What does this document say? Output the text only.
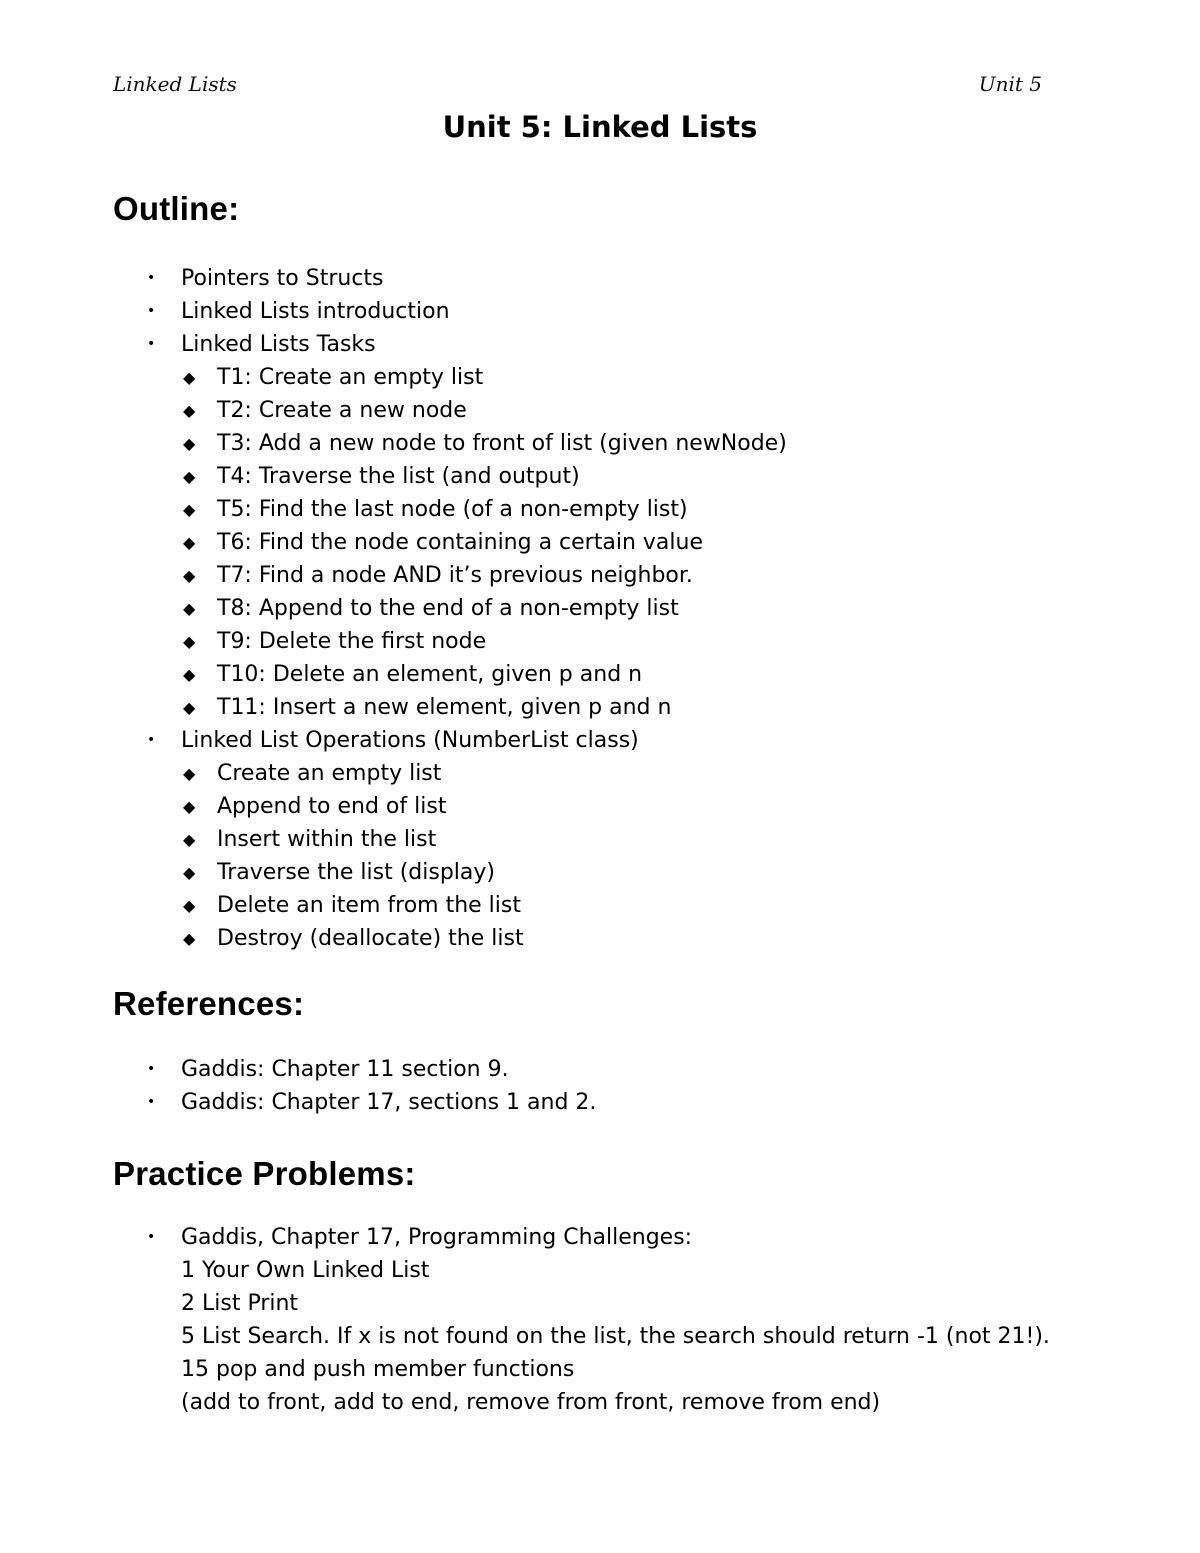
Linked Lists	Unit 5
Unit 5: Linked Lists
Outline:
• Pointers to Structs
• Linked Lists introduction
• Linked Lists Tasks
◆ T1: Create an empty list
◆ T2: Create a new node
◆ T3: Add a new node to front of list (given newNode)
◆ T4: Traverse the list (and output)
◆ T5: Find the last node (of a non-empty list)
◆ T6: Find the node containing a certain value
◆ T7: Find a node AND it’s previous neighbor.
◆ T8: Append to the end of a non-empty list
◆ T9: Delete the first node
◆ T10: Delete an element, given p and n
◆ T11: Insert a new element, given p and n
• Linked List Operations (NumberList class)
◆ Create an empty list
◆ Append to end of list
◆ Insert within the list
◆ Traverse the list (display)
◆ Delete an item from the list
◆ Destroy (deallocate) the list
References:
• Gaddis: Chapter 11 section 9.
• Gaddis: Chapter 17, sections 1 and 2.
Practice Problems:
• Gaddis, Chapter 17, Programming Challenges:
1 Your Own Linked List
2 List Print
5 List Search. If x is not found on the list, the search should return -1 (not 21!).
15 pop and push member functions
(add to front, add to end, remove from front, remove from end)
